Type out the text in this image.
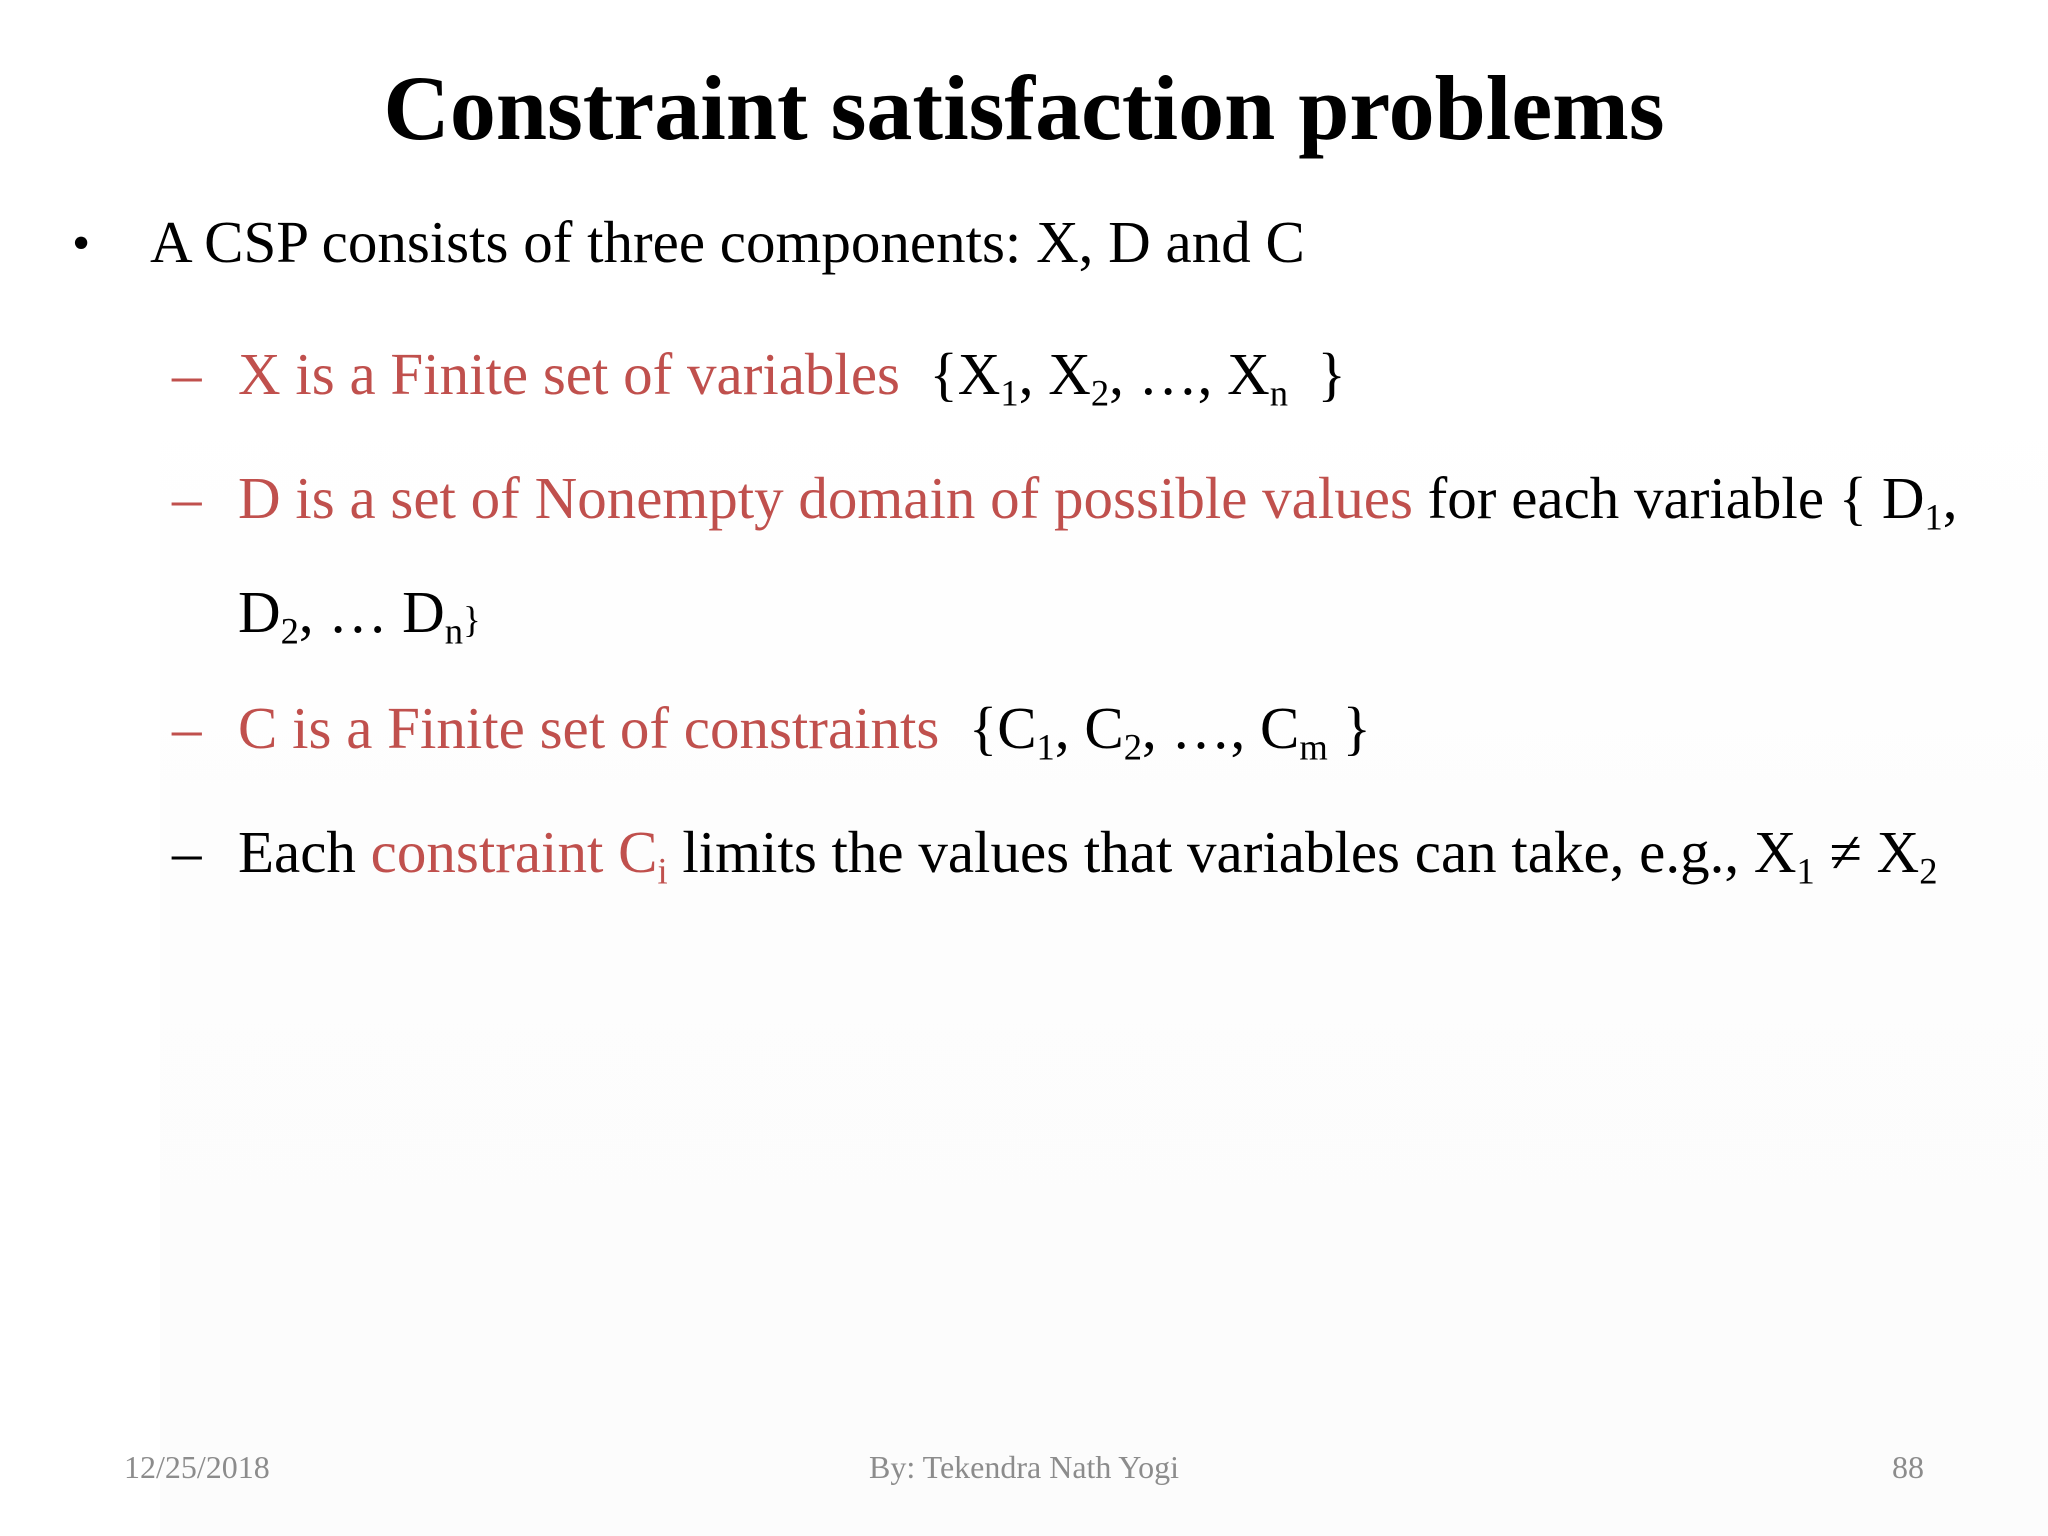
Constraint satisfaction problems
• A CSP consists of three components: X, D and C
– X is a Finite set of variables {$X_1$, $X_2$, …, $X_n$ }
– D is a set of Nonempty domain of possible values for each variable { $D_1$,
$D_2$, … $D_n$}
– C is a Finite set of constraints {$C_1$, $C_2$, …, $C_m$ }
– Each constraint $C_i$ limits the values that variables can take, e.g., $X_1 \ne X_2$
12/25/2018	By: Tekendra Nath Yogi	88
